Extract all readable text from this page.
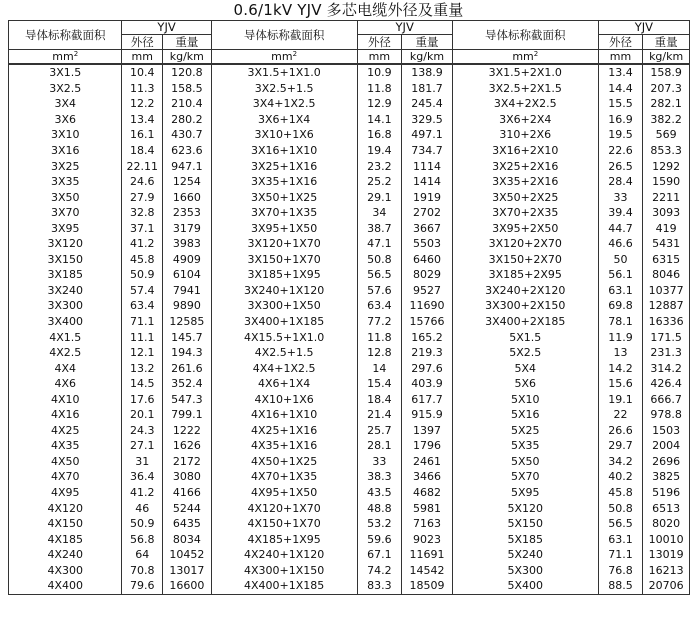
0.6/1kV YJV 多芯电缆外径及重量
导体标称截面积	YJV		导体标称截面积	YJV		导体标称截面积	YJV	
	外径	重量		外径	重量		外径	重量
$mm^2$	mm	kg/km	$mm^2$	mm	kg/km	$mm^2$	mm	kg/km
3X1.5	10.4	120.8	3X1.5+1X1.0	10.9	138.9	3X1.5+2X1.0	13.4	158.9
3X2.5	11.3	158.5	3X2.5+1.5	11.8	181.7	3X2.5+2X1.5	14.4	207.3
3X4	12.2	210.4	3X4+1X2.5	12.9	245.4	3X4+2X2.5	15.5	282.1
3X6	13.4	280.2	3X6+1X4	14.1	329.5	3X6+2X4	16.9	382.2
3X10	16.1	430.7	3X10+1X6	16.8	497.1	310+2X6	19.5	569
3X16	18.4	623.6	3X16+1X10	19.4	734.7	3X16+2X10	22.6	853.3
3X25	22.11	947.1	3X25+1X16	23.2	1114	3X25+2X16	26.5	1292
3X35	24.6	1254	3X35+1X16	25.2	1414	3X35+2X16	28.4	1590
3X50	27.9	1660	3X50+1X25	29.1	1919	3X50+2X25	33	2211
3X70	32.8	2353	3X70+1X35	34	2702	3X70+2X35	39.4	3093
3X95	37.1	3179	3X95+1X50	38.7	3667	3X95+2X50	44.7	419
3X120	41.2	3983	3X120+1X70	47.1	5503	3X120+2X70	46.6	5431
3X150	45.8	4909	3X150+1X70	50.8	6460	3X150+2X70	50	6315
3X185	50.9	6104	3X185+1X95	56.5	8029	3X185+2X95	56.1	8046
3X240	57.4	7941	3X240+1X120	57.6	9527	3X240+2X120	63.1	10377
3X300	63.4	9890	3X300+1X50	63.4	11690	3X300+2X150	69.8	12887
3X400	71.1	12585	3X400+1X185	77.2	15766	3X400+2X185	78.1	16336
4X1.5	11.1	145.7	4X15.5+1X1.0	11.8	165.2	5X1.5	11.9	171.5
4X2.5	12.1	194.3	4X2.5+1.5	12.8	219.3	5X2.5	13	231.3
4X4	13.2	261.6	4X4+1X2.5	14	297.6	5X4	14.2	314.2
4X6	14.5	352.4	4X6+1X4	15.4	403.9	5X6	15.6	426.4
4X10	17.6	547.3	4X10+1X6	18.4	617.7	5X10	19.1	666.7
4X16	20.1	799.1	4X16+1X10	21.4	915.9	5X16	22	978.8
4X25	24.3	1222	4X25+1X16	25.7	1397	5X25	26.6	1503
4X35	27.1	1626	4X35+1X16	28.1	1796	5X35	29.7	2004
4X50	31	2172	4X50+1X25	33	2461	5X50	34.2	2696
4X70	36.4	3080	4X70+1X35	38.3	3466	5X70	40.2	3825
4X95	41.2	4166	4X95+1X50	43.5	4682	5X95	45.8	5196
4X120	46	5244	4X120+1X70	48.8	5981	5X120	50.8	6513
4X150	50.9	6435	4X150+1X70	53.2	7163	5X150	56.5	8020
4X185	56.8	8034	4X185+1X95	59.6	9023	5X185	63.1	10010
4X240	64	10452	4X240+1X120	67.1	11691	5X240	71.1	13019
4X300	70.8	13017	4X300+1X150	74.2	14542	5X300	76.8	16213
4X400	79.6	16600	4X400+1X185	83.3	18509	5X400	88.5	20706
